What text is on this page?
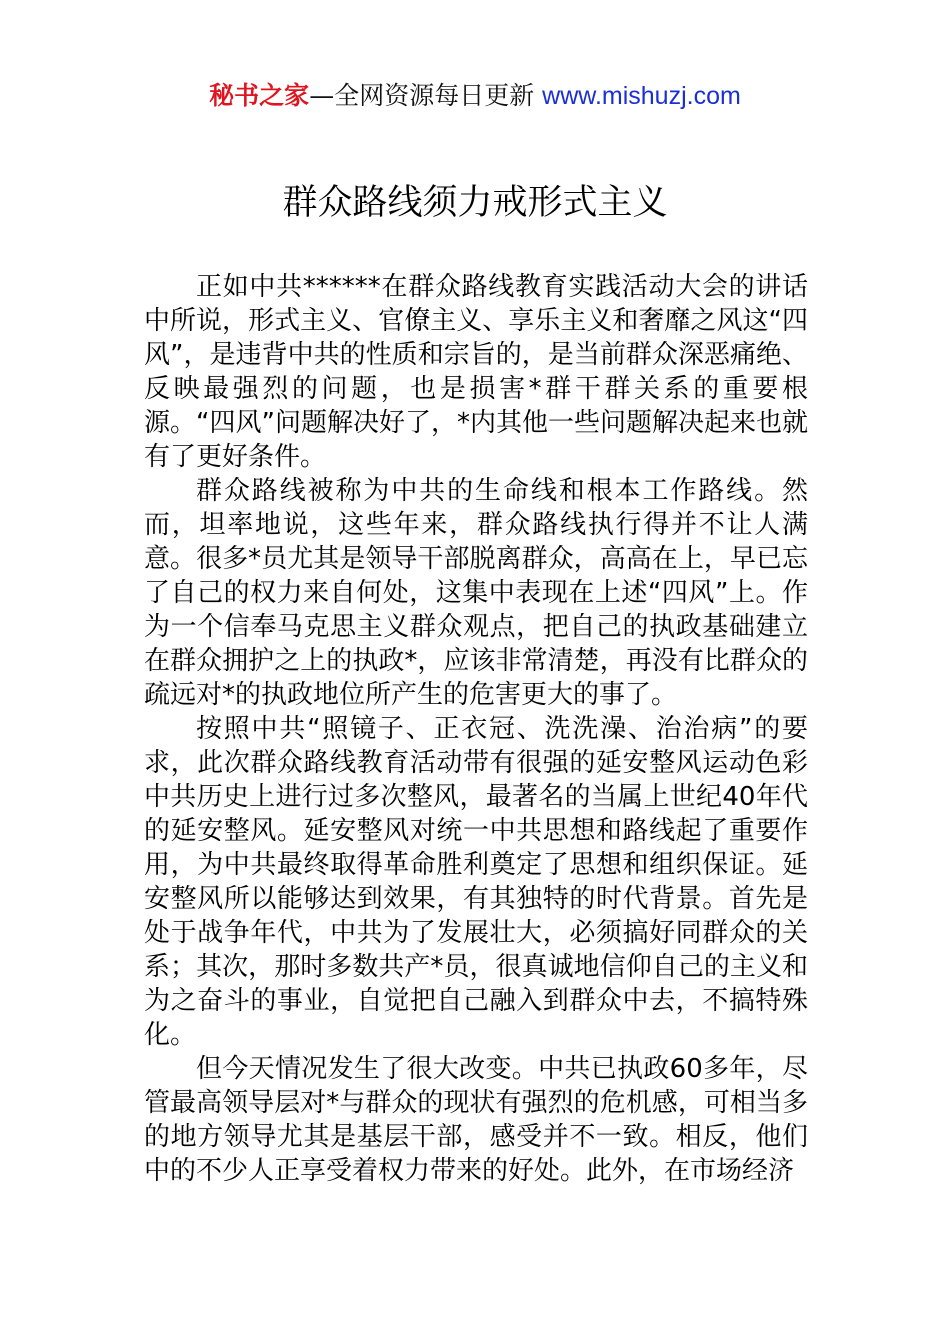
秘书之家—全网资源每日更新 www.mishuzj.com
群众路线须力戒形式主义

正如中共******在群众路线教育实践活动大会的讲话中所说，形式主义、官僚主义、享乐主义和奢靡之风这“四风”，是违背中共的性质和宗旨的，是当前群众深恶痛绝、反映最强烈的问题，也是损害*群干群关系的重要根源。“四风”问题解决好了，*内其他一些问题解决起来也就有了更好条件。

群众路线被称为中共的生命线和根本工作路线。然而，坦率地说，这些年来，群众路线执行得并不让人满意。很多*员尤其是领导干部脱离群众，高高在上，早已忘了自己的权力来自何处，这集中表现在上述“四风”上。作为一个信奉马克思主义群众观点，把自己的执政基础建立在群众拥护之上的执政*，应该非常清楚，再没有比群众的疏远对*的执政地位所产生的危害更大的事了。

按照中共“照镜子、正衣冠、洗洗澡、治治病”的要求，此次群众路线教育活动带有很强的延安整风运动色彩中共历史上进行过多次整风，最著名的当属上世纪40年代的延安整风。延安整风对统一中共思想和路线起了重要作用，为中共最终取得革命胜利奠定了思想和组织保证。延安整风所以能够达到效果，有其独特的时代背景。首先是处于战争年代，中共为了发展壮大，必须搞好同群众的关系；其次，那时多数共产*员，很真诚地信仰自己的主义和为之奋斗的事业，自觉把自己融入到群众中去，不搞特殊化。

但今天情况发生了很大改变。中共已执政60多年，尽管最高领导层对*与群众的现状有强烈的危机感，可相当多的地方领导尤其是基层干部，感受并不一致。相反，他们中的不少人正享受着权力带来的好处。此外，在市场经济
